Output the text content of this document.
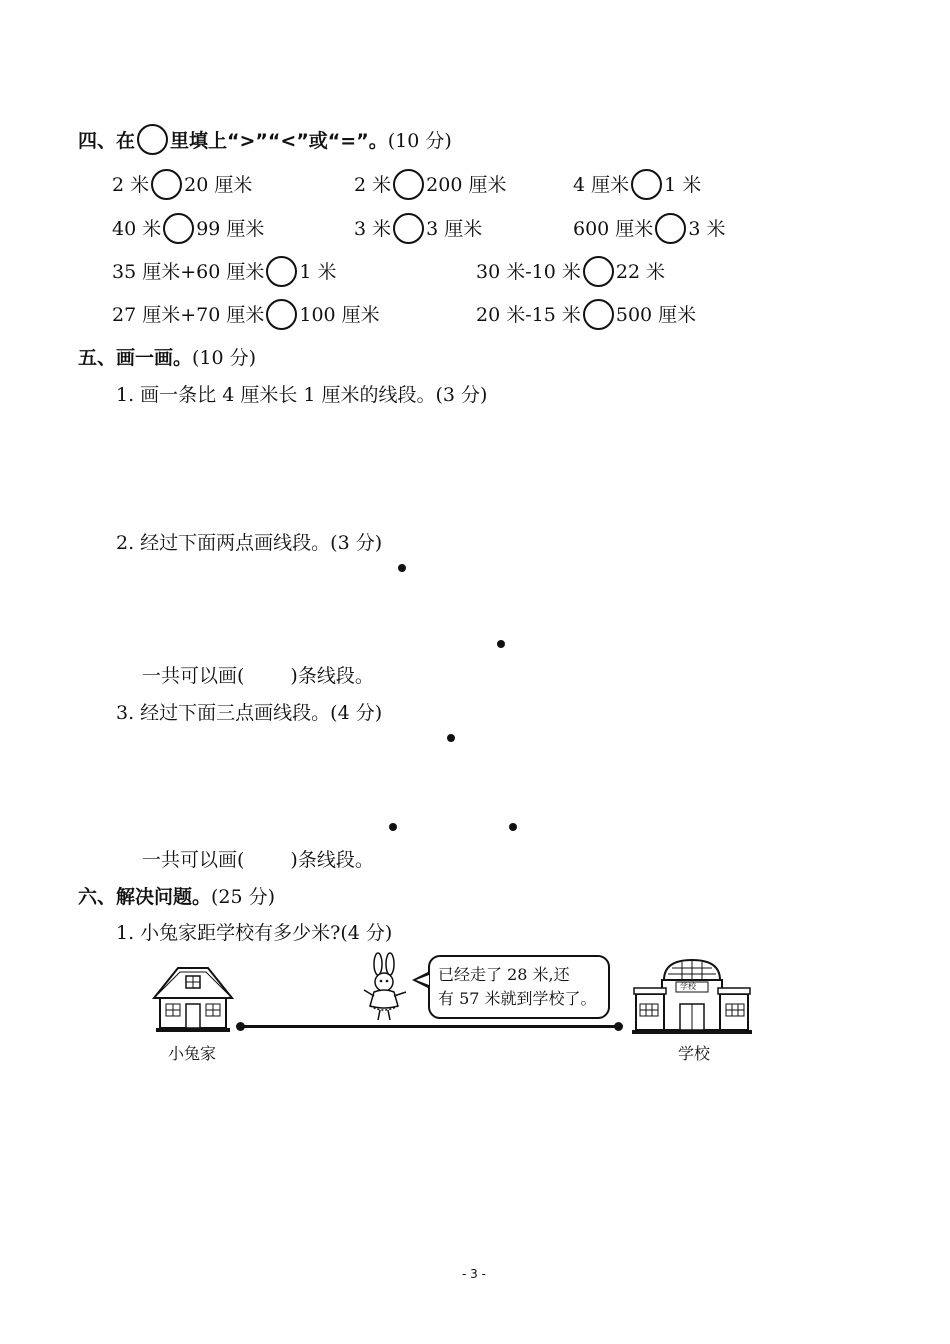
四、在 里填上“>”“<”或“=”。(10 分)
2 米 20 厘米	2 米 200 厘米	4 厘米 1 米
40 米 99 厘米	3 米 3 厘米	600 厘米 3 米
35 厘米+60 厘米 1 米	30 米-10 米 22 米
27 厘米+70 厘米 100 厘米	20 米-15 米 500 厘米
五、画一画。(10 分)
1. 画一条比 4 厘米长 1 厘米的线段。(3 分)
2. 经过下面两点画线段。(3 分)
一共可以画( )条线段。
3. 经过下面三点画线段。(4 分)
一共可以画( )条线段。
六、解决问题。(25 分)
1. 小兔家距学校有多少米?(4 分)
已经走了 28 米,还
有 57 米就到学校了。
学校
小兔家	学校
- 3 -
